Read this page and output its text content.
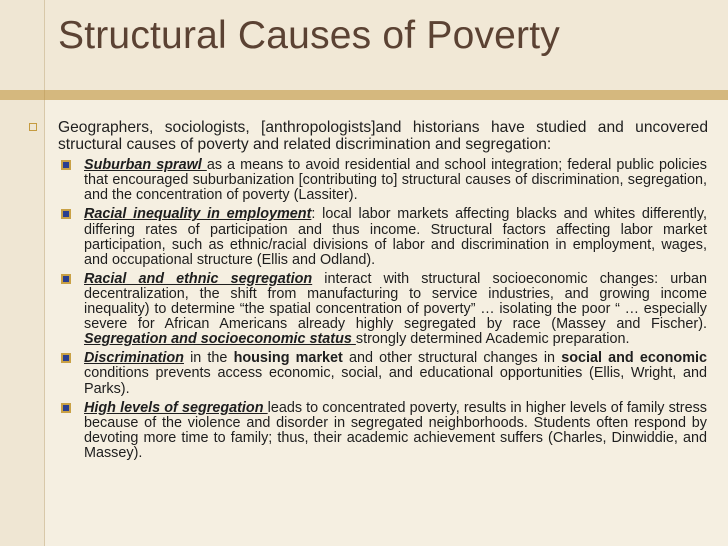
Structural Causes of Poverty

Geographers, sociologists, [anthropologists]and historians have studied and uncovered structural causes of poverty and related discrimination and segregation:

Suburban sprawl as a means to avoid residential and school integration; federal public policies that encouraged suburbanization [contributing to] structural causes of discrimination, segregation, and the concentration of poverty (Lassiter).

Racial inequality in employment: local labor markets affecting blacks and whites differently, differing rates of participation and thus income. Structural factors affecting labor market participation, such as ethnic/racial divisions of labor and discrimination in employment, wages, and occupational structure (Ellis and Odland).

Racial and ethnic segregation interact with structural socioeconomic changes: urban decentralization, the shift from manufacturing to service industries, and growing income inequality) to determine “the spatial concentration of poverty” … isolating the poor “ … especially severe for African Americans already highly segregated by race (Massey and Fischer). Segregation and socioeconomic status strongly determined Academic preparation.

Discrimination in the housing market and other structural changes in social and economic conditions prevents access economic, social, and educational opportunities (Ellis, Wright, and Parks).

High levels of segregation leads to concentrated poverty, results in higher levels of family stress because of the violence and disorder in segregated neighborhoods. Students often respond by devoting more time to family; thus, their academic achievement suffers (Charles, Dinwiddie, and Massey).
